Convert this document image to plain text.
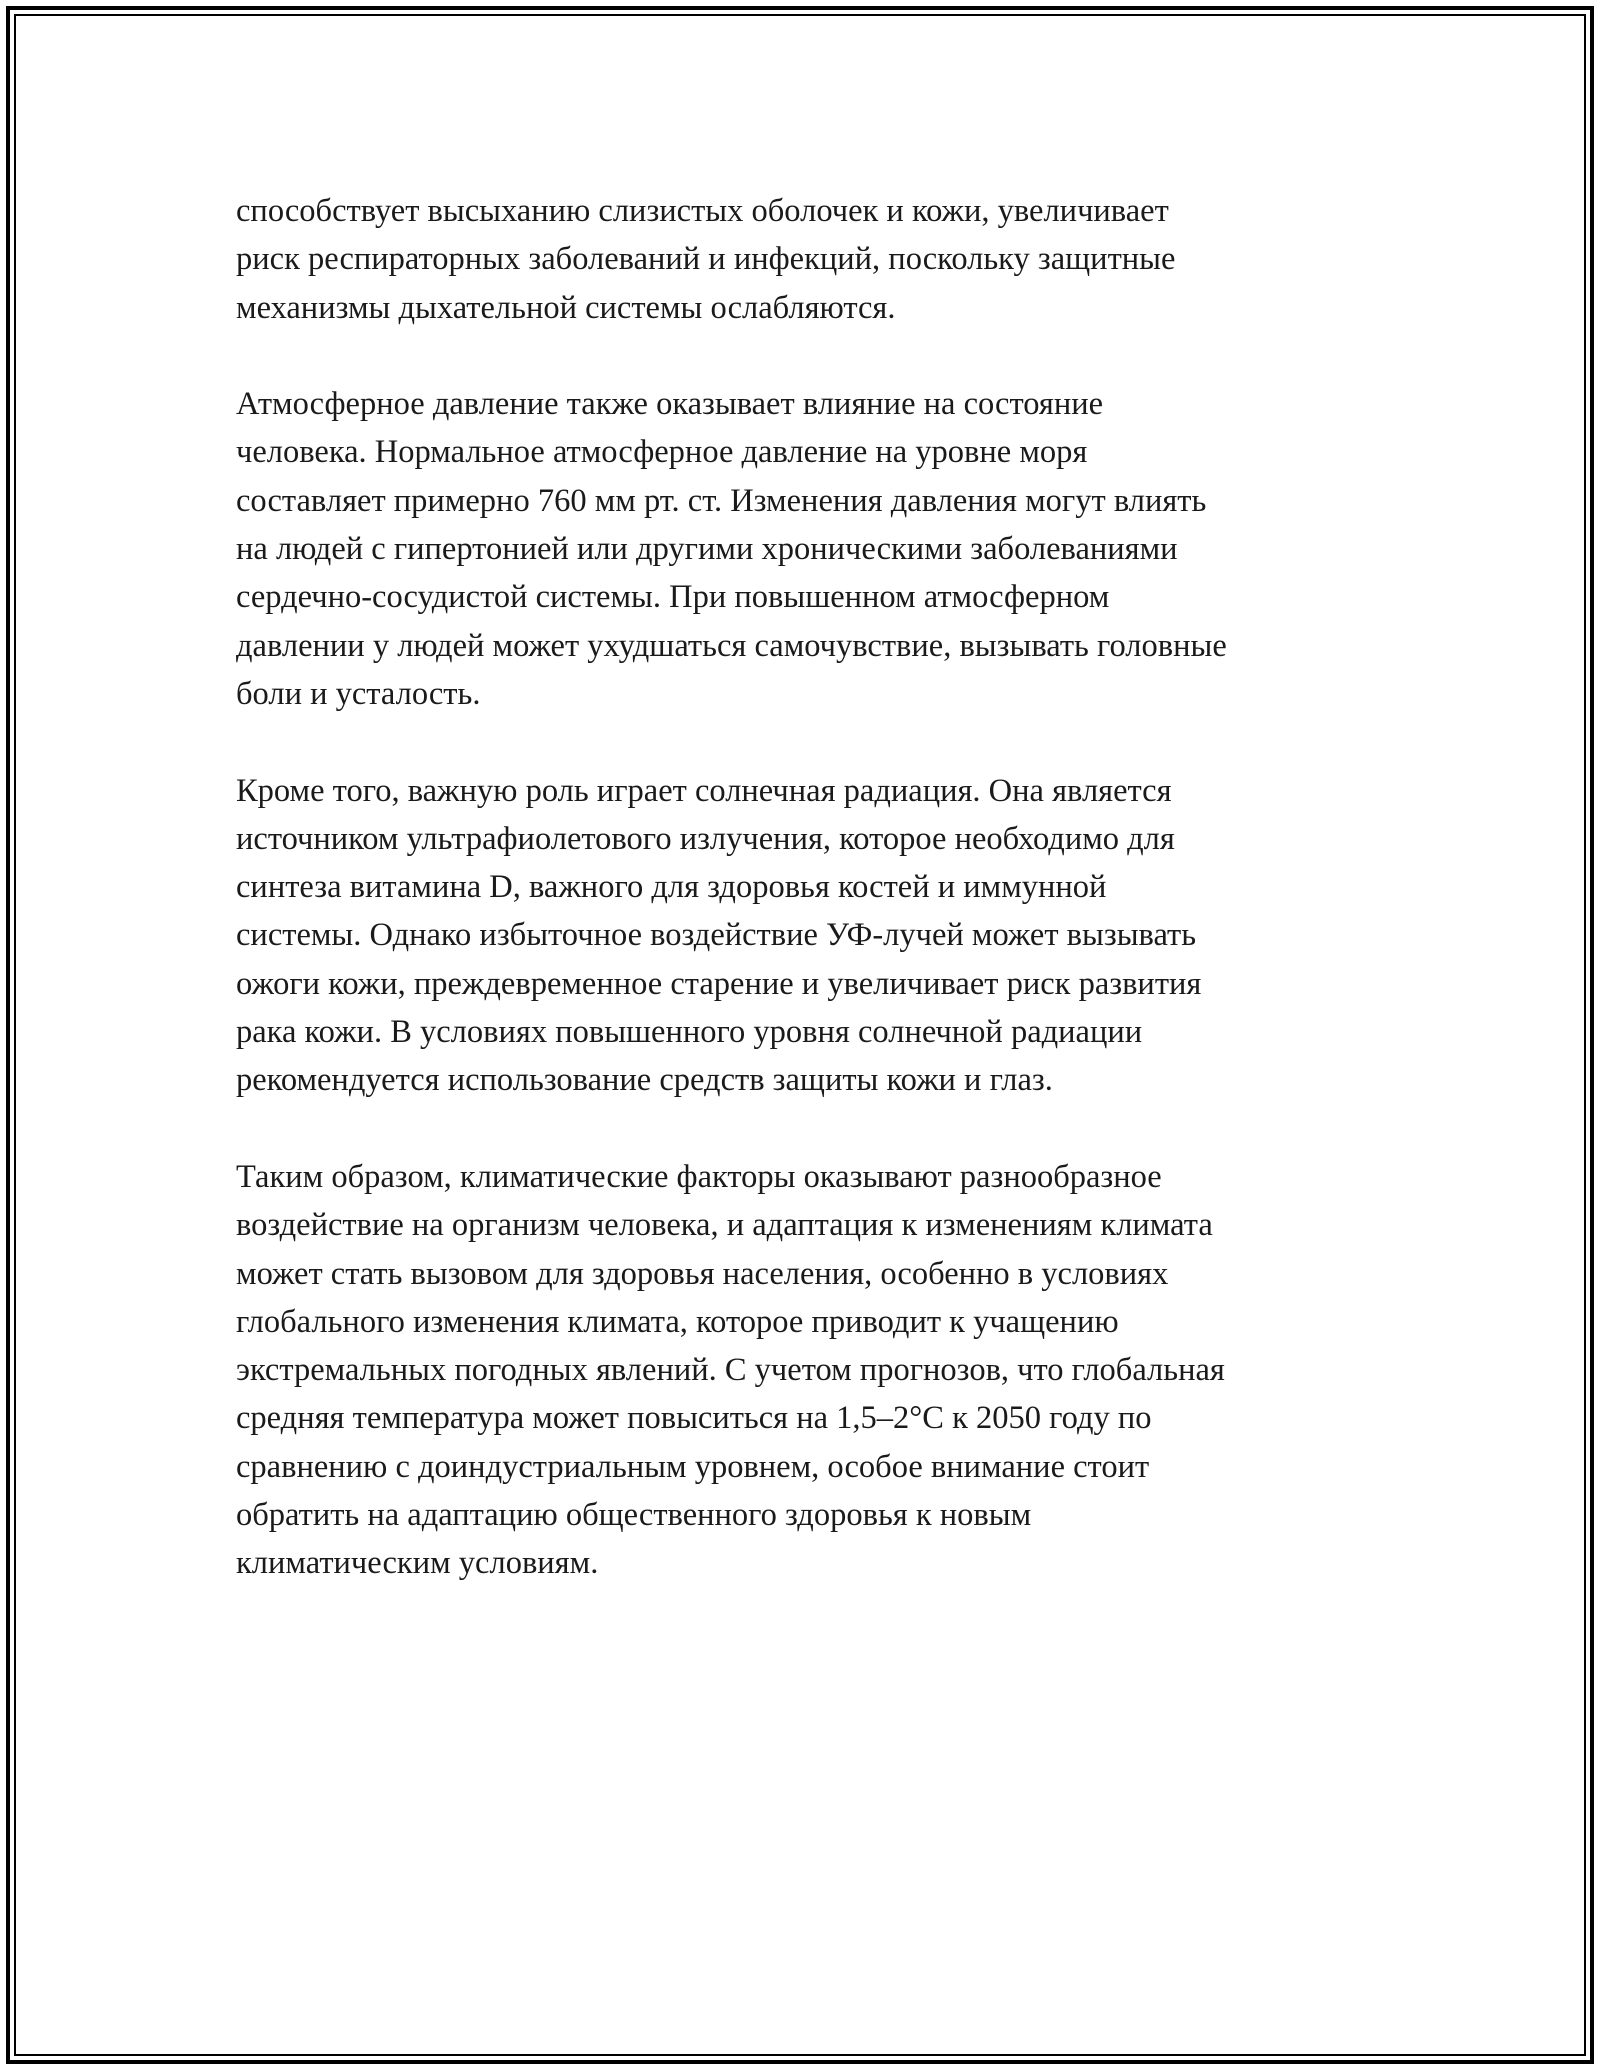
способствует высыханию слизистых оболочек и кожи, увеличивает
риск респираторных заболеваний и инфекций, поскольку защитные
механизмы дыхательной системы ослабляются.

Атмосферное давление также оказывает влияние на состояние
человека. Нормальное атмосферное давление на уровне моря
составляет примерно 760 мм рт. ст. Изменения давления могут влиять
на людей с гипертонией или другими хроническими заболеваниями
сердечно-сосудистой системы. При повышенном атмосферном
давлении у людей может ухудшаться самочувствие, вызывать головные
боли и усталость.

Кроме того, важную роль играет солнечная радиация. Она является
источником ультрафиолетового излучения, которое необходимо для
синтеза витамина D, важного для здоровья костей и иммунной
системы. Однако избыточное воздействие УФ-лучей может вызывать
ожоги кожи, преждевременное старение и увеличивает риск развития
рака кожи. В условиях повышенного уровня солнечной радиации
рекомендуется использование средств защиты кожи и глаз.

Таким образом, климатические факторы оказывают разнообразное
воздействие на организм человека, и адаптация к изменениям климата
может стать вызовом для здоровья населения, особенно в условиях
глобального изменения климата, которое приводит к учащению
экстремальных погодных явлений. С учетом прогнозов, что глобальная
средняя температура может повыситься на 1,5–2°С к 2050 году по
сравнению с доиндустриальным уровнем, особое внимание стоит
обратить на адаптацию общественного здоровья к новым
климатическим условиям.
